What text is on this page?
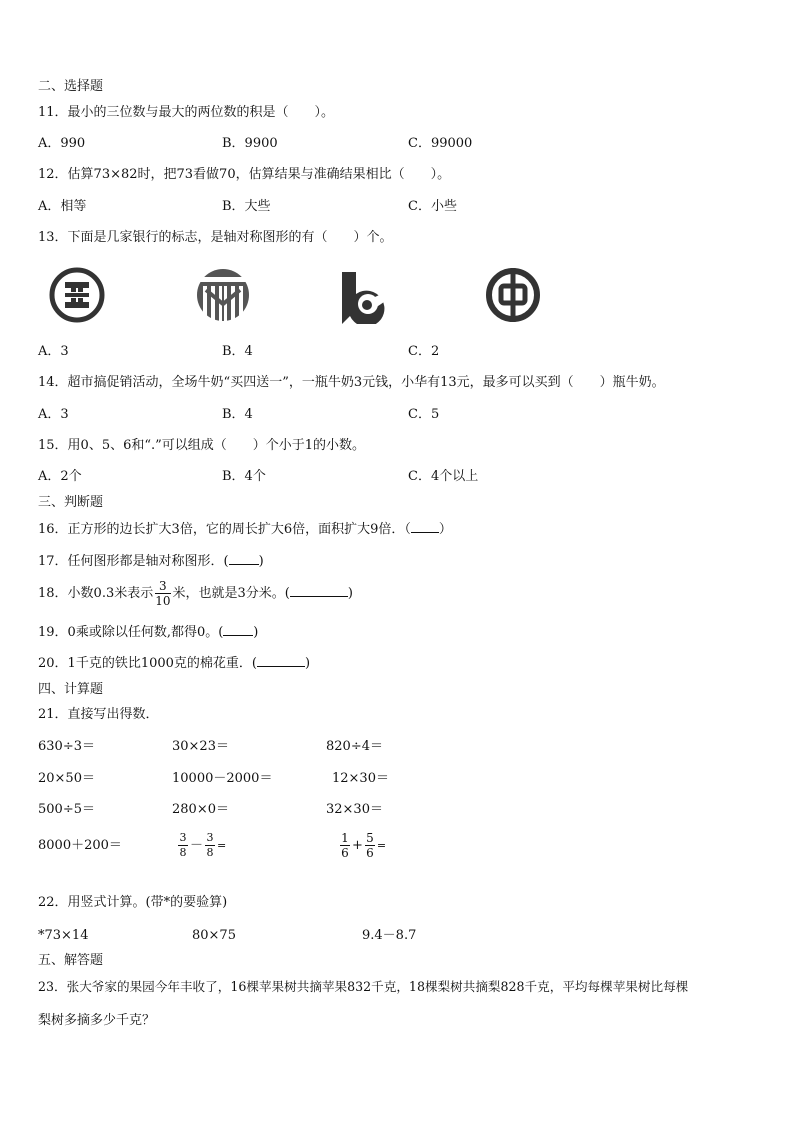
二、选择题
11．最小的三位数与最大的两位数的积是（　　）。
A．990	B．9900	C．99000
12．估算73×82时，把73看做70，估算结果与准确结果相比（　　）。
A．相等	B．大些	C．小些
13．下面是几家银行的标志，是轴对称图形的有（　　）个。
A．3	B．4	C．2
14．超市搞促销活动，全场牛奶“买四送一”，一瓶牛奶3元钱，小华有13元，最多可以买到（　　）瓶牛奶。
A．3	B．4	C．5
15．用0、5、6和“.”可以组成（　　）个小于1的小数。
A．2个	B．4个	C．4个以上
三、判断题
16．正方形的边长扩大3倍，它的周长扩大6倍，面积扩大9倍．（ ）
17．任何图形都是轴对称图形．( )
18．小数0.3米表示 $\frac{3}{10}$ 米，也就是3分米。(	)
19．0乘或除以任何数,都得0。( )
20．1千克的铁比1000克的棉花重．(	)
四、计算题
21．直接写出得数．
630÷3＝	30×23＝	820÷4＝
20×50＝	10000－2000＝	12×30＝
500÷5＝	280×0＝	32×30＝
8000＋200＝	$\frac{3}{8} - \frac{3}{8}$ =	$\frac{1}{6} + \frac{5}{6}$ =
22．用竖式计算。(带*的要验算)
*73×14	80×75	9.4－8.7
五、解答题
23．张大爷家的果园今年丰收了，16棵苹果树共摘苹果832千克，18棵梨树共摘梨828千克，平均每棵苹果树比每棵
梨树多摘多少千克？
